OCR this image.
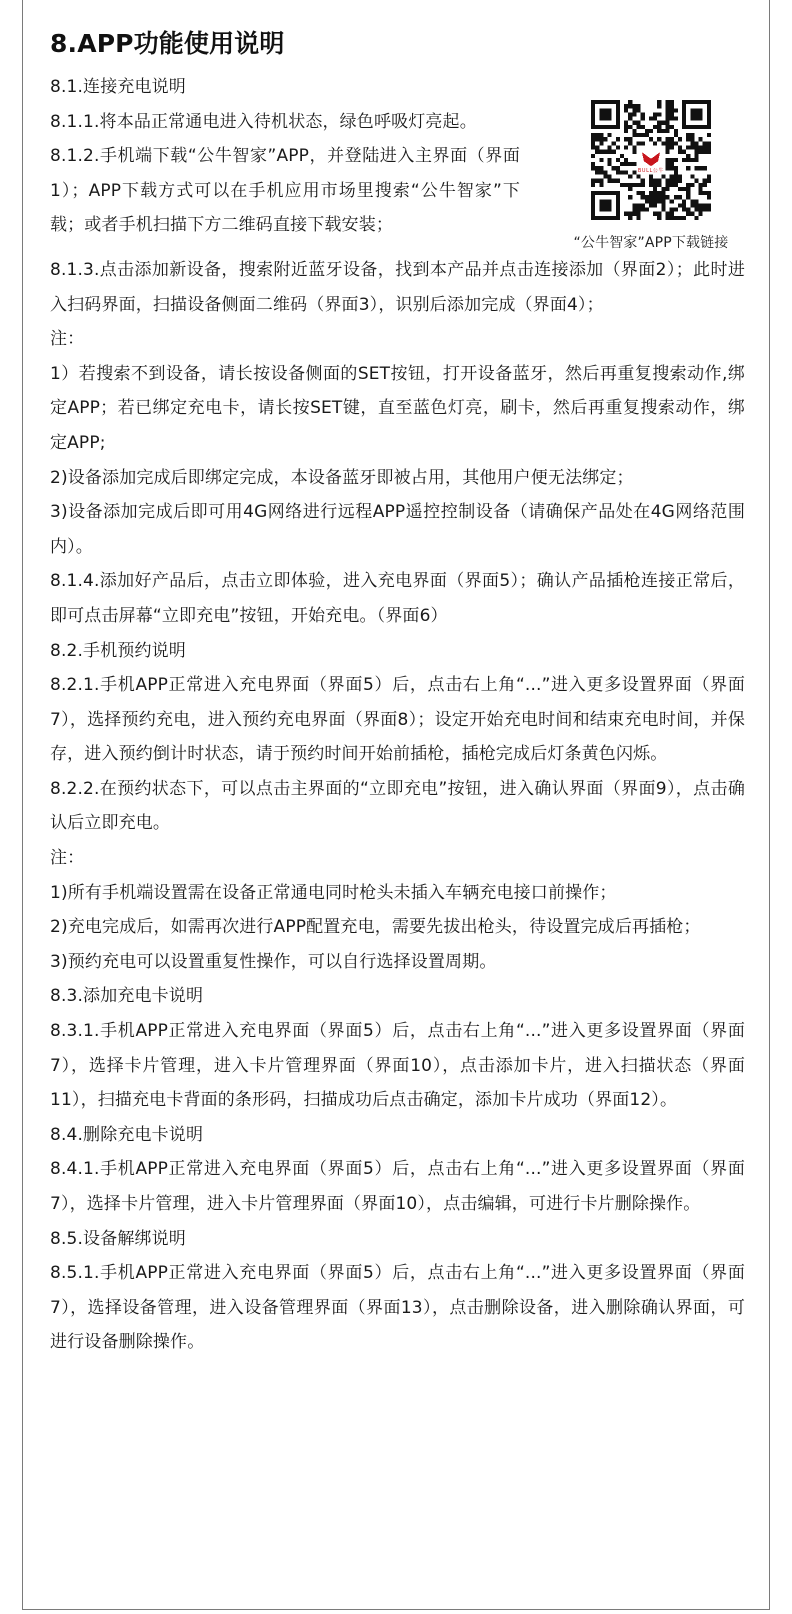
8.APP功能使用说明

8.1.连接充电说明

8.1.1.将本品正常通电进入待机状态，绿色呼吸灯亮起。

8.1.2.手机端下载“公牛智家”APP，并登陆进入主界面（界面1）；APP下载方式可以在手机应用市场里搜索“公牛智家”下载；或者手机扫描下方二维码直接下载安装；

BULL公牛
“公牛智家”APP下载链接

8.1.3.点击添加新设备，搜索附近蓝牙设备，找到本产品并点击连接添加（界面2）；此时进入扫码界面，扫描设备侧面二维码（界面3），识别后添加完成（界面4）；

注：

1）若搜索不到设备，请长按设备侧面的SET按钮，打开设备蓝牙，然后再重复搜索动作,绑定APP；若已绑定充电卡，请长按SET键，直至蓝色灯亮，刷卡，然后再重复搜索动作，绑定APP;

2)设备添加完成后即绑定完成，本设备蓝牙即被占用，其他用户便无法绑定；

3)设备添加完成后即可用4G网络进行远程APP遥控控制设备（请确保产品处在4G网络范围内）。

8.1.4.添加好产品后，点击立即体验，进入充电界面（界面5）；确认产品插枪连接正常后，即可点击屏幕“立即充电”按钮，开始充电。（界面6）

8.2.手机预约说明

8.2.1.手机APP正常进入充电界面（界面5）后，点击右上角“...”进入更多设置界面（界面7），选择预约充电，进入预约充电界面（界面8）；设定开始充电时间和结束充电时间，并保存，进入预约倒计时状态，请于预约时间开始前插枪，插枪完成后灯条黄色闪烁。

8.2.2.在预约状态下，可以点击主界面的“立即充电”按钮，进入确认界面（界面9），点击确认后立即充电。

注：

1)所有手机端设置需在设备正常通电同时枪头未插入车辆充电接口前操作；

2)充电完成后，如需再次进行APP配置充电，需要先拔出枪头，待设置完成后再插枪；

3)预约充电可以设置重复性操作，可以自行选择设置周期。

8.3.添加充电卡说明

8.3.1.手机APP正常进入充电界面（界面5）后，点击右上角“...”进入更多设置界面（界面7），选择卡片管理，进入卡片管理界面（界面10），点击添加卡片，进入扫描状态（界面11），扫描充电卡背面的条形码，扫描成功后点击确定，添加卡片成功（界面12）。

8.4.删除充电卡说明

8.4.1.手机APP正常进入充电界面（界面5）后，点击右上角“...”进入更多设置界面（界面7），选择卡片管理，进入卡片管理界面（界面10），点击编辑，可进行卡片删除操作。

8.5.设备解绑说明

8.5.1.手机APP正常进入充电界面（界面5）后，点击右上角“...”进入更多设置界面（界面7），选择设备管理，进入设备管理界面（界面13），点击删除设备，进入删除确认界面，可进行设备删除操作。
